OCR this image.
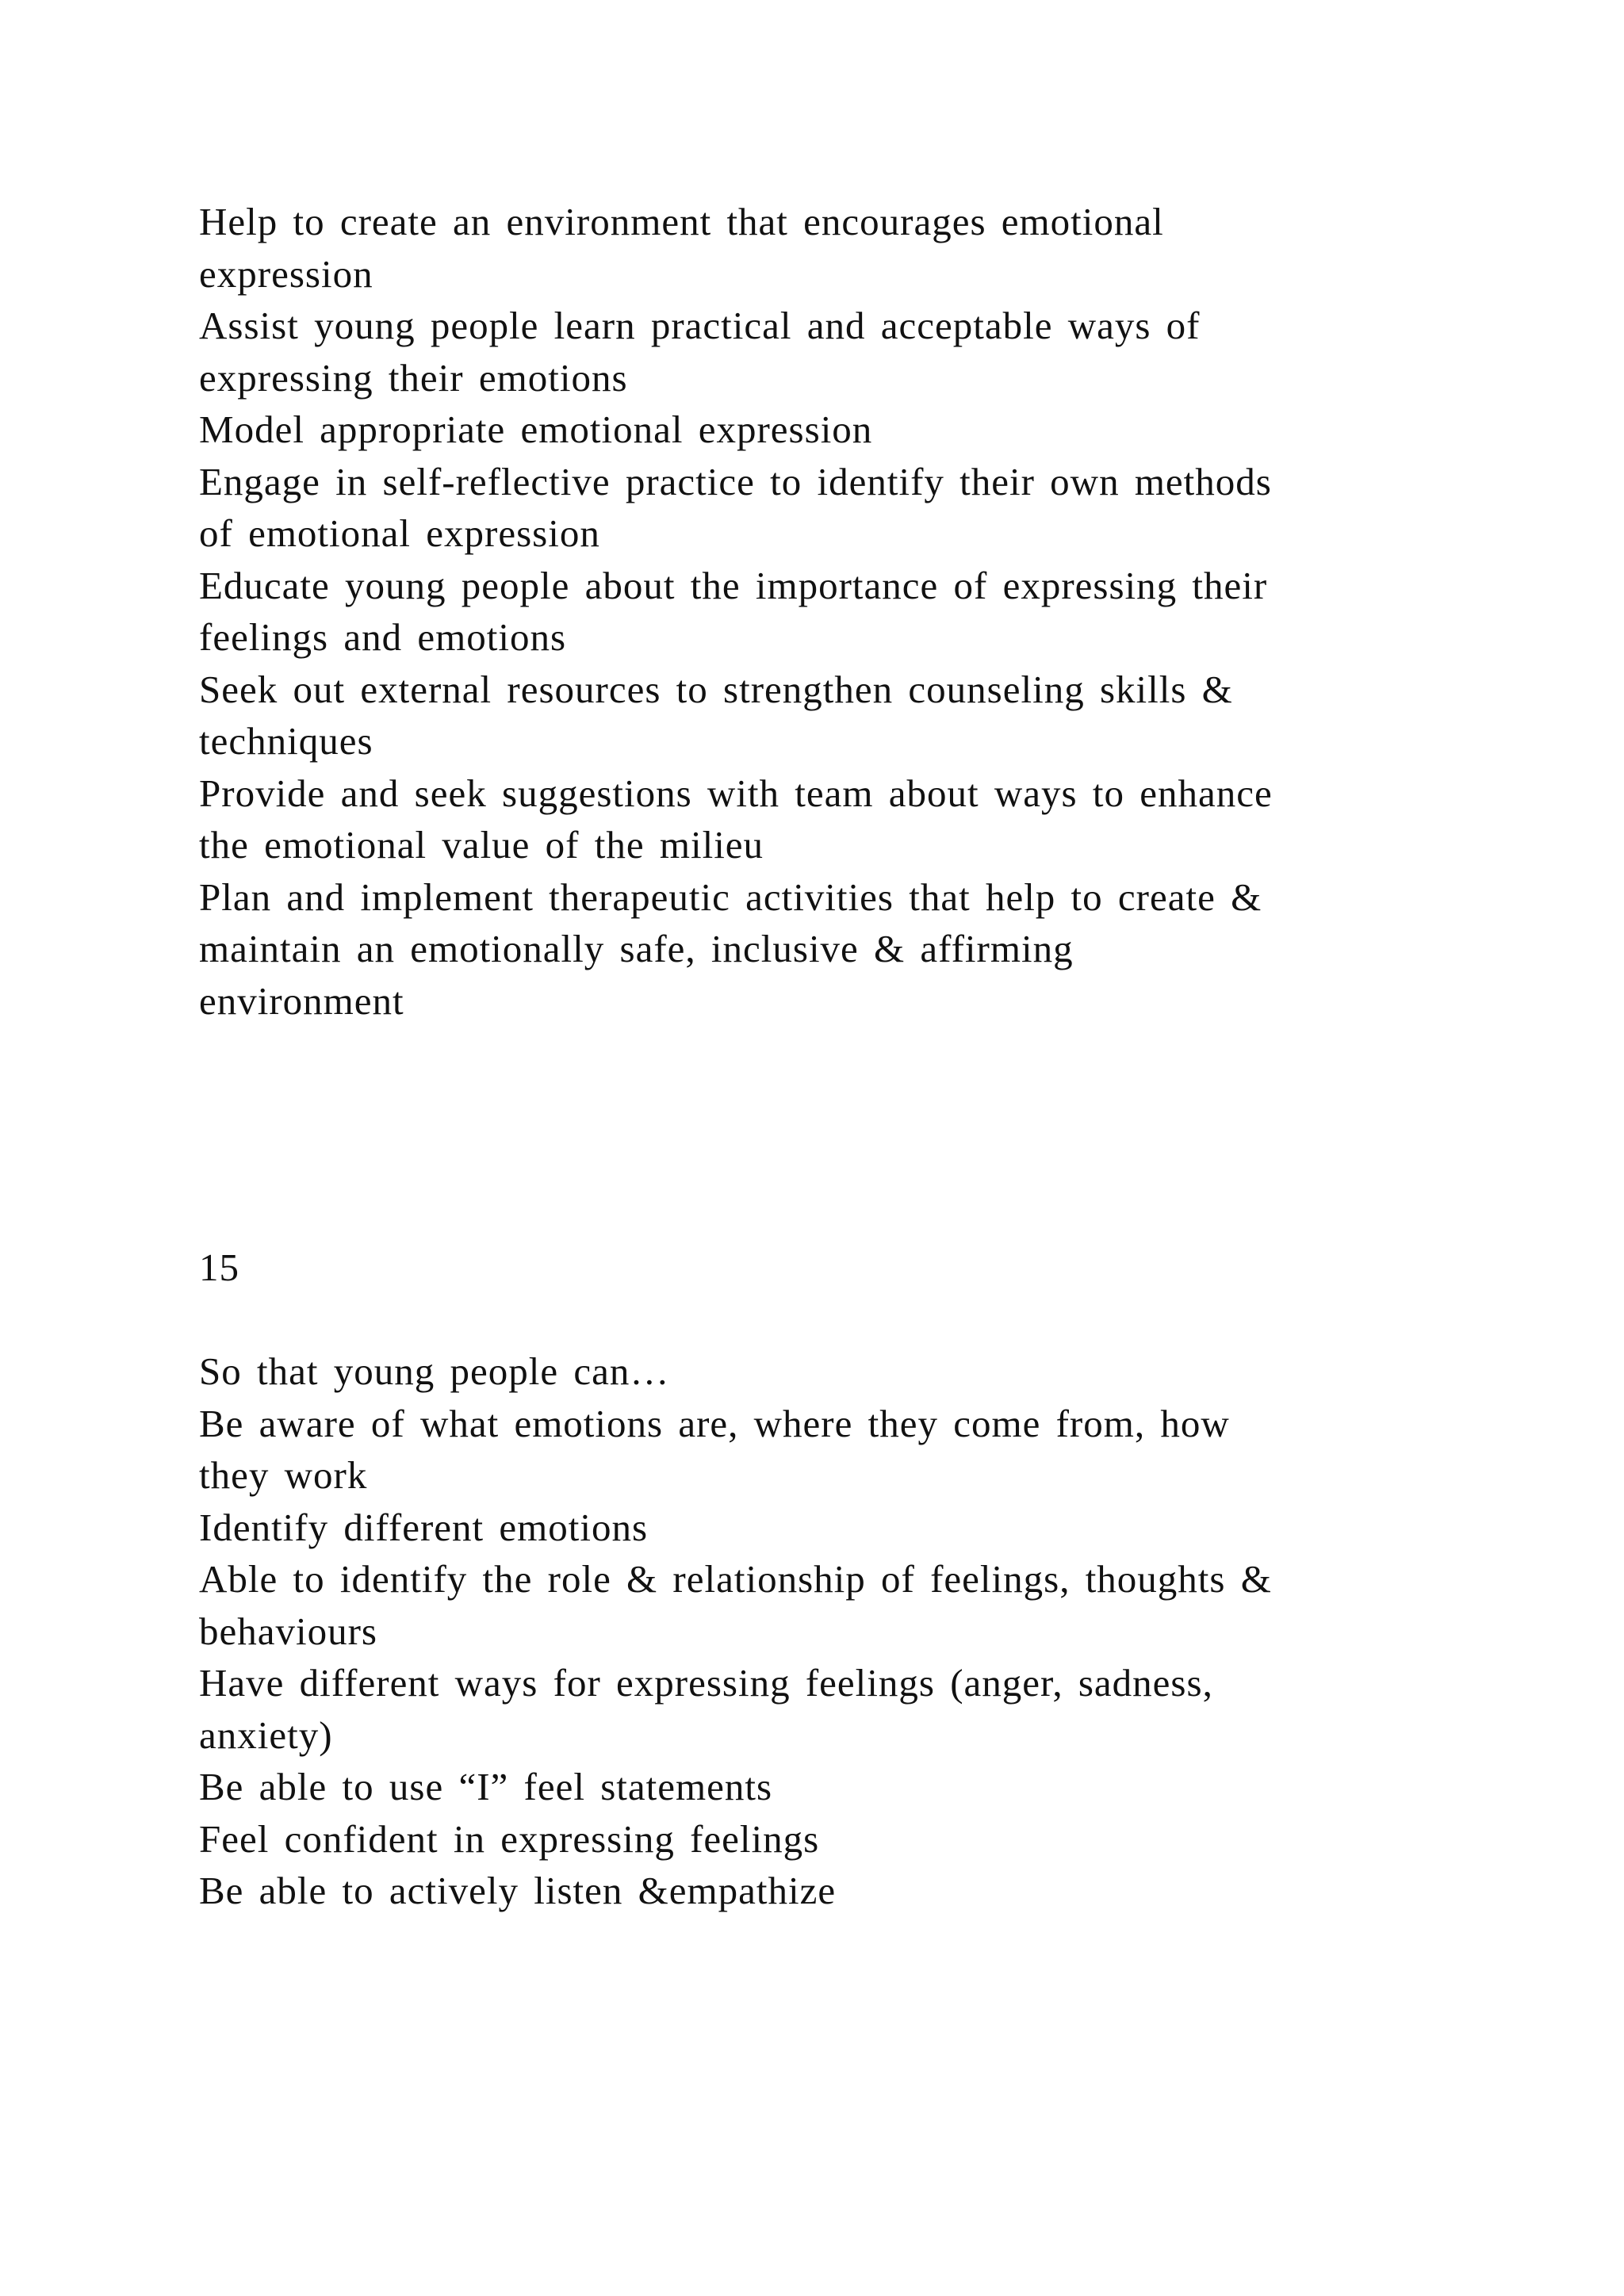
Help to create an environment that encourages emotional
expression
Assist young people learn practical and acceptable ways of
expressing their emotions
Model appropriate emotional expression
Engage in self-reflective practice to identify their own methods
of emotional expression
Educate young people about the importance of expressing their
feelings and emotions
Seek out external resources to strengthen counseling skills &
techniques
Provide and seek suggestions with team about ways to enhance
the emotional value of the milieu
Plan and implement therapeutic activities that help to create &
maintain an emotionally safe, inclusive & affirming
environment
15
So that young people can…
Be aware of what emotions are, where they come from, how
they work
Identify different emotions
Able to identify the role & relationship of feelings, thoughts &
behaviours
Have different ways for expressing feelings (anger, sadness,
anxiety)
Be able to use “I” feel statements
Feel confident in expressing feelings
Be able to actively listen &empathize
